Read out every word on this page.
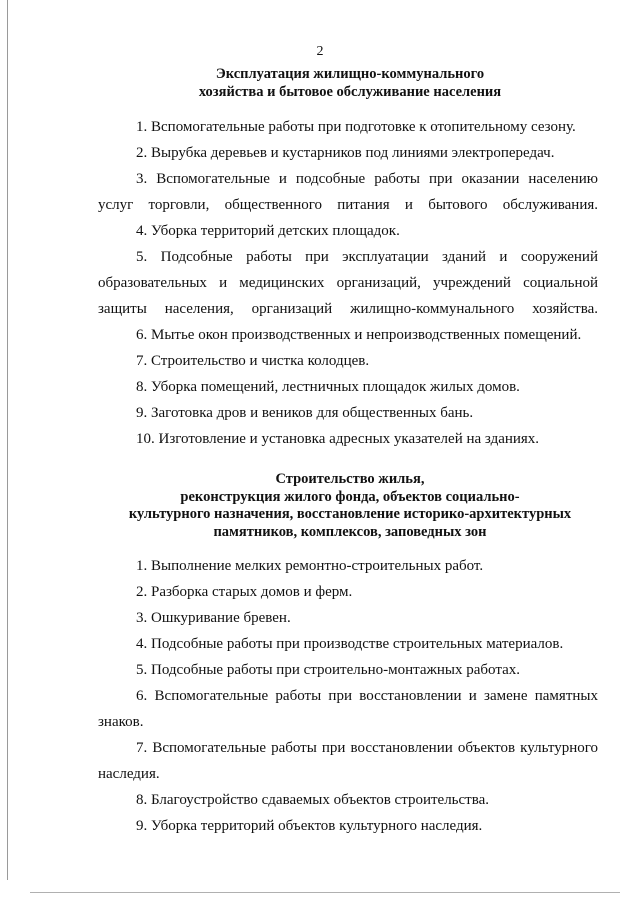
2
Эксплуатация жилищно-коммунального
хозяйства и бытовое обслуживание населения
1. Вспомогательные работы при подготовке к отопительному сезону.
2. Вырубка деревьев и кустарников под линиями электропередач.
3. Вспомогательные и подсобные работы при оказании населению услуг торговли, общественного питания и бытового обслуживания.
4. Уборка территорий детских площадок.
5. Подсобные работы при эксплуатации зданий и сооружений образовательных и медицинских организаций, учреждений социальной защиты населения, организаций жилищно-коммунального хозяйства.
6. Мытье окон производственных и непроизводственных помещений.
7. Строительство и чистка колодцев.
8. Уборка помещений, лестничных площадок жилых домов.
9. Заготовка дров и веников для общественных бань.
10. Изготовление и установка адресных указателей на зданиях.
Строительство жилья,
реконструкция жилого фонда, объектов социально-
культурного назначения, восстановление историко-архитектурных
памятников, комплексов, заповедных зон
1. Выполнение мелких ремонтно-строительных работ.
2. Разборка старых домов и ферм.
3. Ошкуривание бревен.
4. Подсобные работы при производстве строительных материалов.
5. Подсобные работы при строительно-монтажных работах.
6. Вспомогательные работы при восстановлении и замене памятных знаков.
7. Вспомогательные работы при восстановлении объектов культурного наследия.
8. Благоустройство сдаваемых объектов строительства.
9. Уборка территорий объектов культурного наследия.
